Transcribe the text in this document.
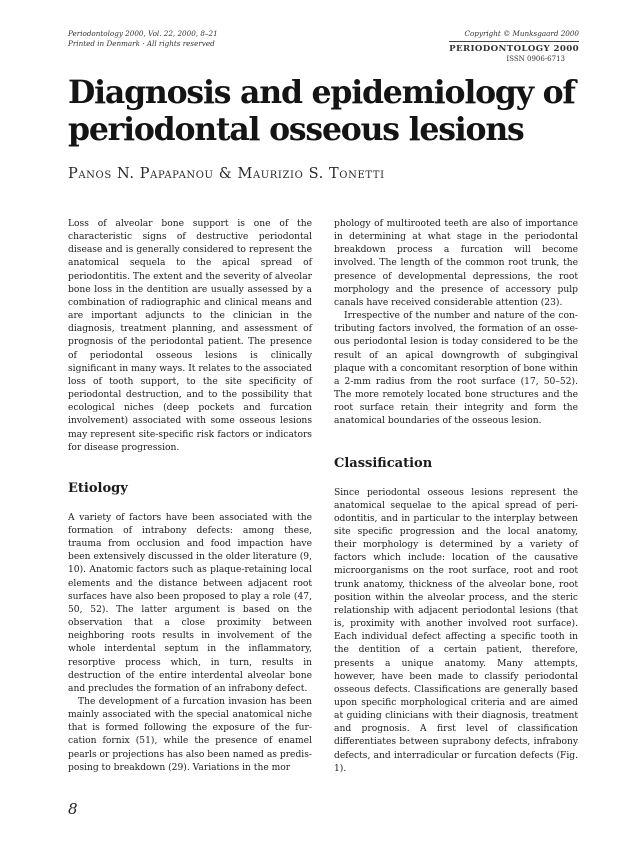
Periodontology 2000, Vol. 22, 2000, 8–21
Printed in Denmark · All rights reserved
Copyright © Munksgaard 2000
PERIODONTOLOGY 2000
ISSN 0906-6713
Diagnosis and epidemiology of periodontal osseous lesions
Panos N. Papapanou & Maurizio S. Tonetti

Loss of alveolar bone support is one of the characteristic signs of destructive periodontal disease and is generally considered to represent the anatomical sequela to the apical spread of periodontitis. The extent and the severity of alveolar bone loss in the dentition are usually assessed by a combination of radiographic and clinical means and are important adjuncts to the clinician in the diagnosis, treatment planning, and assessment of prognosis of the periodontal patient. The presence of periodontal osseous lesions is clinically significant in many ways. It relates to the associated loss of tooth support, to the site specificity of periodontal destruction, and to the possibility that ecological niches (deep pockets and furcation involvement) associated with some osseous lesions may represent site-specific risk factors or indicators for disease progression.

Etiology

A variety of factors have been associated with the formation of intrabony defects: among these, trauma from occlusion and food impaction have been extensively discussed in the older literature (9, 10). Anatomic factors such as plaque-retaining local elements and the distance between adjacent root surfaces have also been proposed to play a role (47, 50, 52). The latter argument is based on the observation that a close proximity between neighboring roots results in involvement of the whole interdental septum in the inflammatory, resorptive process which, in turn, results in destruction of the entire interdental alveolar bone and precludes the formation of an infrabony defect.

The development of a furcation invasion has been mainly associated with the special anatomical niche that is formed following the exposure of the furcation fornix (51), while the presence of enamel pearls or projections has also been named as predisposing to breakdown (29). Variations in the mor

phology of multirooted teeth are also of importance in determining at what stage in the periodontal breakdown process a furcation will become involved. The length of the common root trunk, the presence of developmental depressions, the root morphology and the presence of accessory pulp canals have received considerable attention (23).

Irrespective of the number and nature of the contributing factors involved, the formation of an osseous periodontal lesion is today considered to be the result of an apical downgrowth of subgingival plaque with a concomitant resorption of bone within a 2-mm radius from the root surface (17, 50–52). The more remotely located bone structures and the root surface retain their integrity and form the anatomical boundaries of the osseous lesion.

Classification

Since periodontal osseous lesions represent the anatomical sequelae to the apical spread of periodontitis, and in particular to the interplay between site specific progression and the local anatomy, their morphology is determined by a variety of factors which include: location of the causative microorganisms on the root surface, root and root trunk anatomy, thickness of the alveolar bone, root position within the alveolar process, and the steric relationship with adjacent periodontal lesions (that is, proximity with another involved root surface). Each individual defect affecting a specific tooth in the dentition of a certain patient, therefore, presents a unique anatomy. Many attempts, however, have been made to classify periodontal osseous defects. Classifications are generally based upon specific morphological criteria and are aimed at guiding clinicians with their diagnosis, treatment and prognosis. A first level of classification differentiates between suprabony defects, infrabony defects, and interradicular or furcation defects (Fig. 1).

8
